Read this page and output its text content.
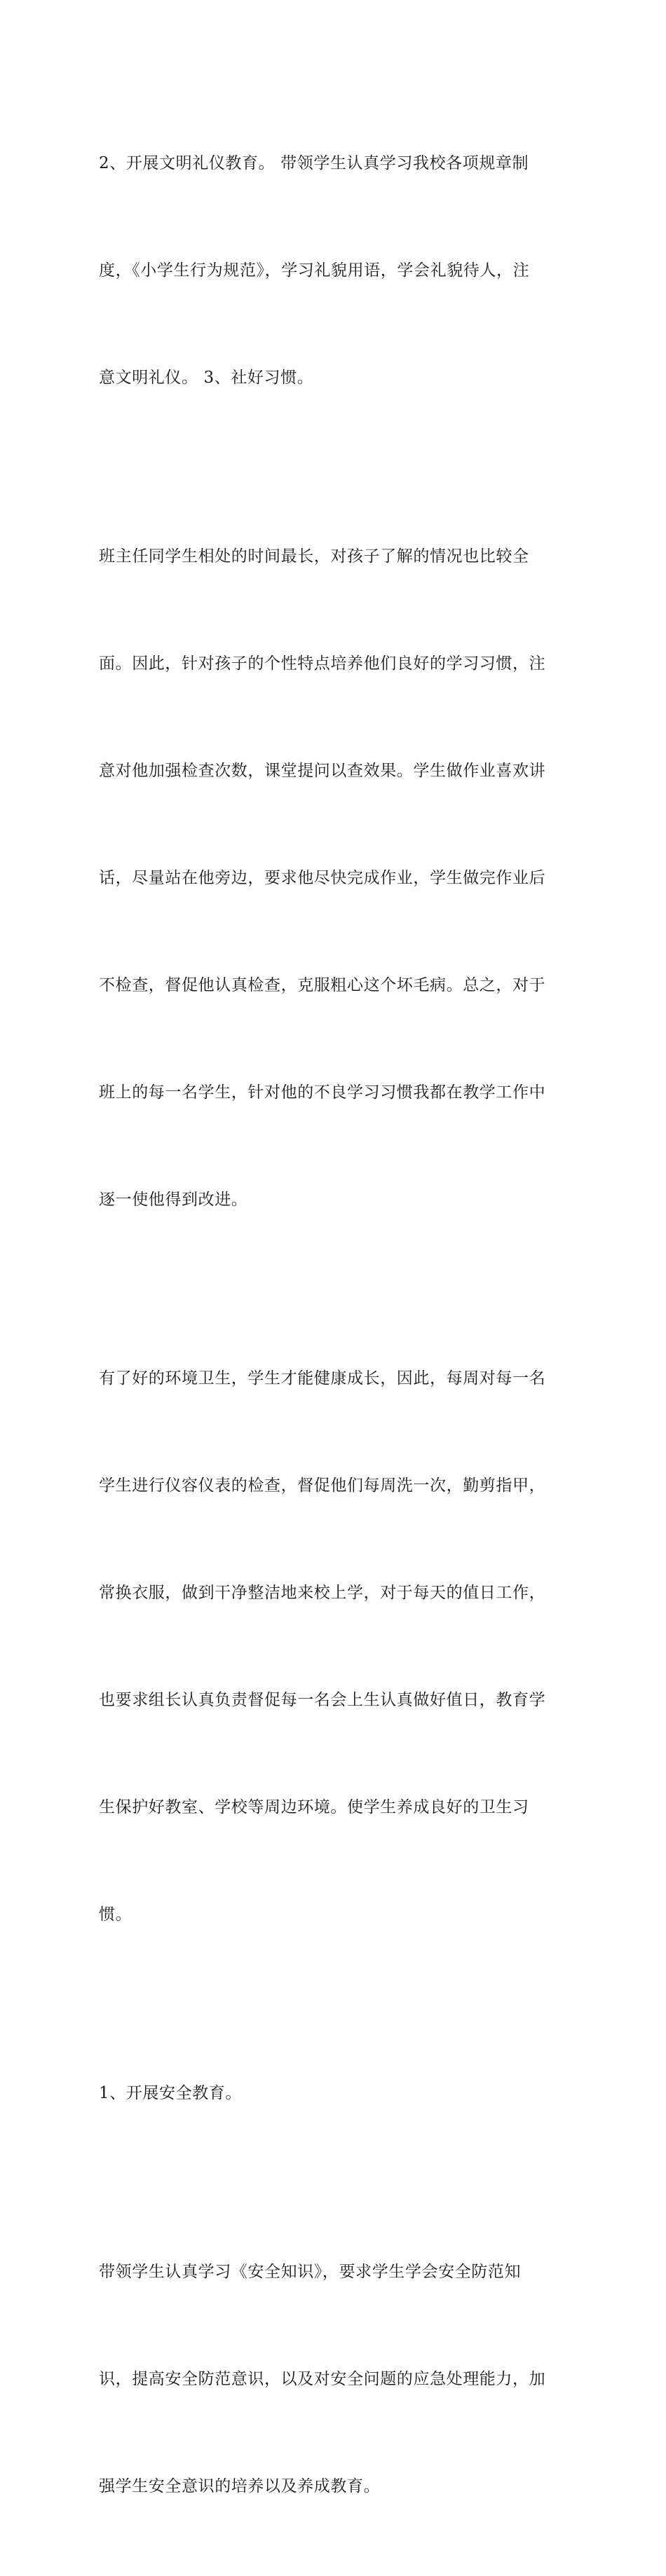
2、开展文明礼仪教育。 带领学生认真学习我校各项规章制

度，《小学生行为规范》，学习礼貌用语，学会礼貌待人，注

意文明礼仪。 3、社好习惯。

班主任同学生相处的时间最长，对孩子了解的情况也比较全

面。因此，针对孩子的个性特点培养他们良好的学习习惯，注

意对他加强检查次数，课堂提问以查效果。学生做作业喜欢讲

话，尽量站在他旁边，要求他尽快完成作业，学生做完作业后

不检查，督促他认真检查，克服粗心这个坏毛病。总之，对于

班上的每一名学生，针对他的不良学习习惯我都在教学工作中

逐一使他得到改进。

有了好的环境卫生，学生才能健康成长，因此，每周对每一名

学生进行仪容仪表的检查，督促他们每周洗一次，勤剪指甲，

常换衣服，做到干净整洁地来校上学，对于每天的值日工作，

也要求组长认真负责督促每一名会上生认真做好值日，教育学

生保护好教室、学校等周边环境。使学生养成良好的卫生习

惯。

1、开展安全教育。

带领学生认真学习《安全知识》，要求学生学会安全防范知

识，提高安全防范意识，以及对安全问题的应急处理能力，加

强学生安全意识的培养以及养成教育。
